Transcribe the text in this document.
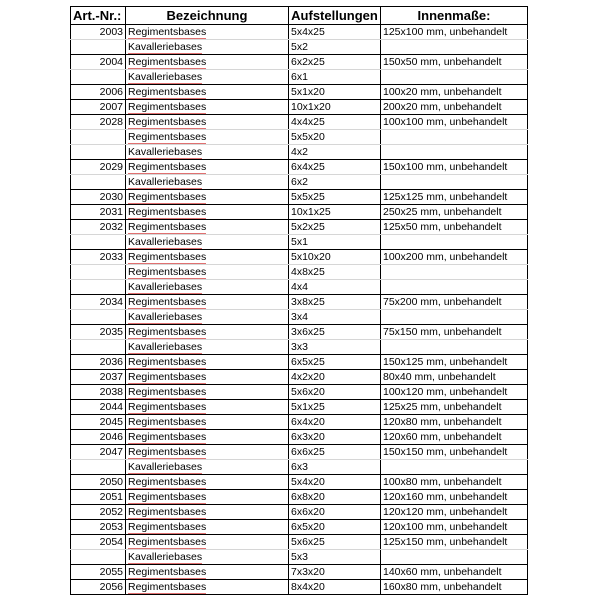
Art.-Nr.:	Bezeichnung	Aufstellungen	Innenmaße:
2003	Regimentsbases	5x4x25	125x100 mm, unbehandelt
	Kavalleriebases	5x2	
2004	Regimentsbases	6x2x25	150x50 mm, unbehandelt
	Kavalleriebases	6x1	
2006	Regimentsbases	5x1x20	100x20 mm, unbehandelt
2007	Regimentsbases	10x1x20	200x20 mm, unbehandelt
2028	Regimentsbases	4x4x25	100x100 mm, unbehandelt
	Regimentsbases	5x5x20	
	Kavalleriebases	4x2	
2029	Regimentsbases	6x4x25	150x100 mm, unbehandelt
	Kavalleriebases	6x2	
2030	Regimentsbases	5x5x25	125x125 mm, unbehandelt
2031	Regimentsbases	10x1x25	250x25 mm, unbehandelt
2032	Regimentsbases	5x2x25	125x50 mm, unbehandelt
	Kavalleriebases	5x1	
2033	Regimentsbases	5x10x20	100x200 mm, unbehandelt
	Regimentsbases	4x8x25	
	Kavalleriebases	4x4	
2034	Regimentsbases	3x8x25	75x200 mm, unbehandelt
	Kavalleriebases	3x4	
2035	Regimentsbases	3x6x25	75x150 mm, unbehandelt
	Kavalleriebases	3x3	
2036	Regimentsbases	6x5x25	150x125 mm, unbehandelt
2037	Regimentsbases	4x2x20	80x40 mm, unbehandelt
2038	Regimentsbases	5x6x20	100x120 mm, unbehandelt
2044	Regimentsbases	5x1x25	125x25 mm, unbehandelt
2045	Regimentsbases	6x4x20	120x80 mm, unbehandelt
2046	Regimentsbases	6x3x20	120x60 mm, unbehandelt
2047	Regimentsbases	6x6x25	150x150 mm, unbehandelt
	Kavalleriebases	6x3	
2050	Regimentsbases	5x4x20	100x80 mm, unbehandelt
2051	Regimentsbases	6x8x20	120x160 mm, unbehandelt
2052	Regimentsbases	6x6x20	120x120 mm, unbehandelt
2053	Regimentsbases	6x5x20	120x100 mm, unbehandelt
2054	Regimentsbases	5x6x25	125x150 mm, unbehandelt
	Kavalleriebases	5x3	
2055	Regimentsbases	7x3x20	140x60 mm, unbehandelt
2056	Regimentsbases	8x4x20	160x80 mm, unbehandelt
